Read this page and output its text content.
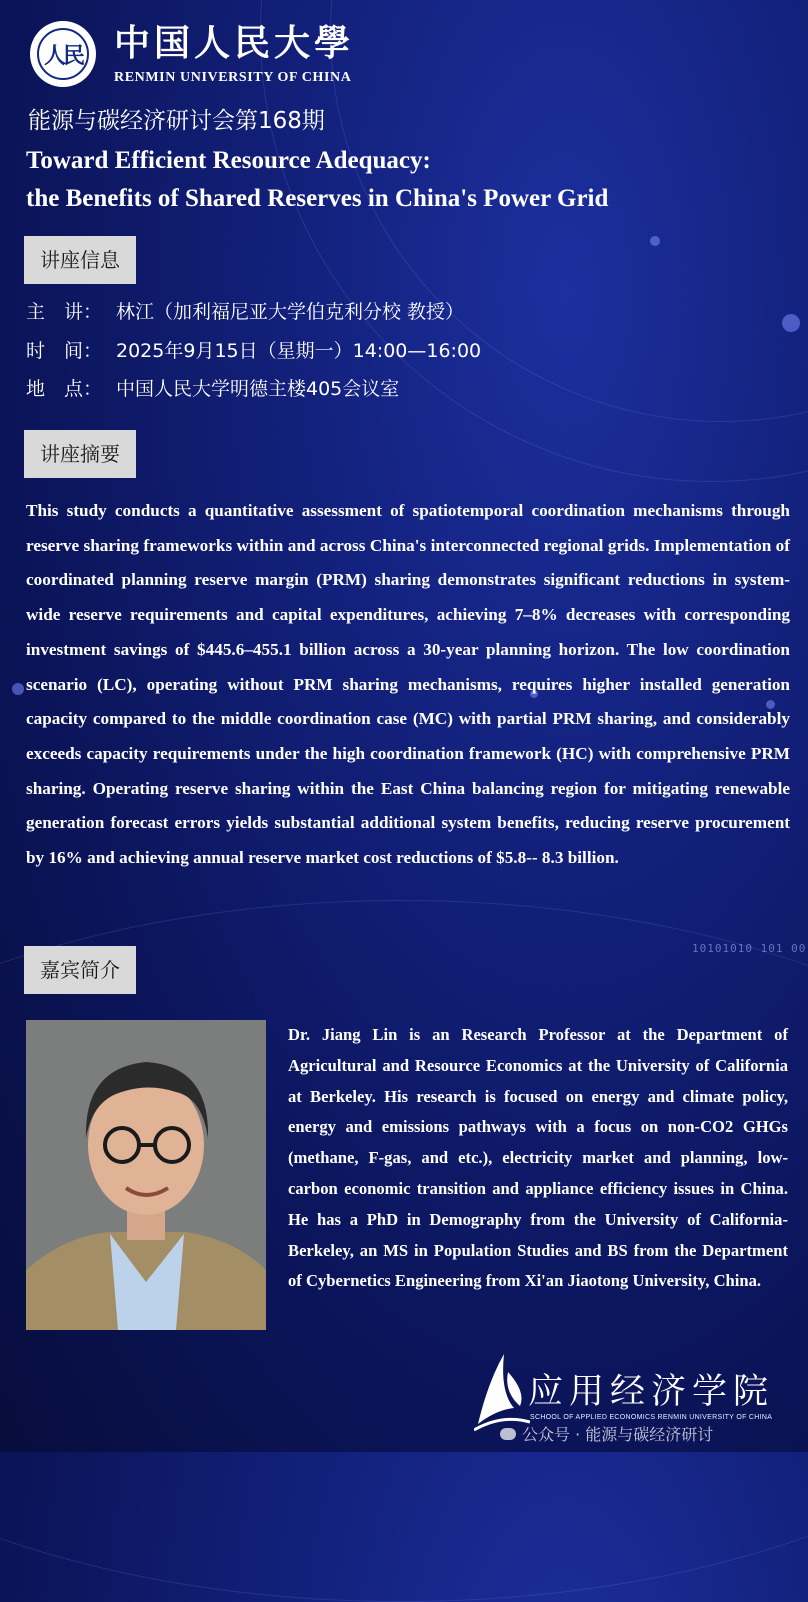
10101010 101 00
人民 中国人民大學
RENMIN UNIVERSITY OF CHINA
能源与碳经济研讨会第168期
Toward Efficient Resource Adequacy:
the Benefits of Shared Reserves in China's Power Grid
讲座信息
主　讲： 林江（加利福尼亚大学伯克利分校 教授）
时　间： 2025年9月15日（星期一）14:00—16:00
地　点： 中国人民大学明德主楼405会议室
讲座摘要
This study conducts a quantitative assessment of spatiotemporal coordination mechanisms through reserve sharing frameworks within and across China's interconnected regional grids. Implementation of coordinated planning reserve margin (PRM) sharing demonstrates significant reductions in system-wide reserve requirements and capital expenditures, achieving 7–8% decreases with corresponding investment savings of $445.6–455.1 billion across a 30-year planning horizon. The low coordination scenario (LC), operating without PRM sharing mechanisms, requires higher installed generation capacity compared to the middle coordination case (MC) with partial PRM sharing, and considerably exceeds capacity requirements under the high coordination framework (HC) with comprehensive PRM sharing. Operating reserve sharing within the East China balancing region for mitigating renewable generation forecast errors yields substantial additional system benefits, reducing reserve procurement by 16% and achieving annual reserve market cost reductions of $5.8-- 8.3 billion.
嘉宾简介
Dr. Jiang Lin is an Research Professor at the Department of Agricultural and Resource Economics at the University of California at Berkeley. His research is focused on energy and climate policy, energy and emissions pathways with a focus on non-CO2 GHGs (methane, F-gas, and etc.), electricity market and planning, low-carbon economic transition and appliance efficiency issues in China. He has a PhD in Demography from the University of California-Berkeley, an MS in Population Studies and BS from the Department of Cybernetics Engineering from Xi'an Jiaotong University, China.
应用经济学院
SCHOOL OF APPLIED ECONOMICS RENMIN UNIVERSITY OF CHINA
公众号 · 能源与碳经济研讨
